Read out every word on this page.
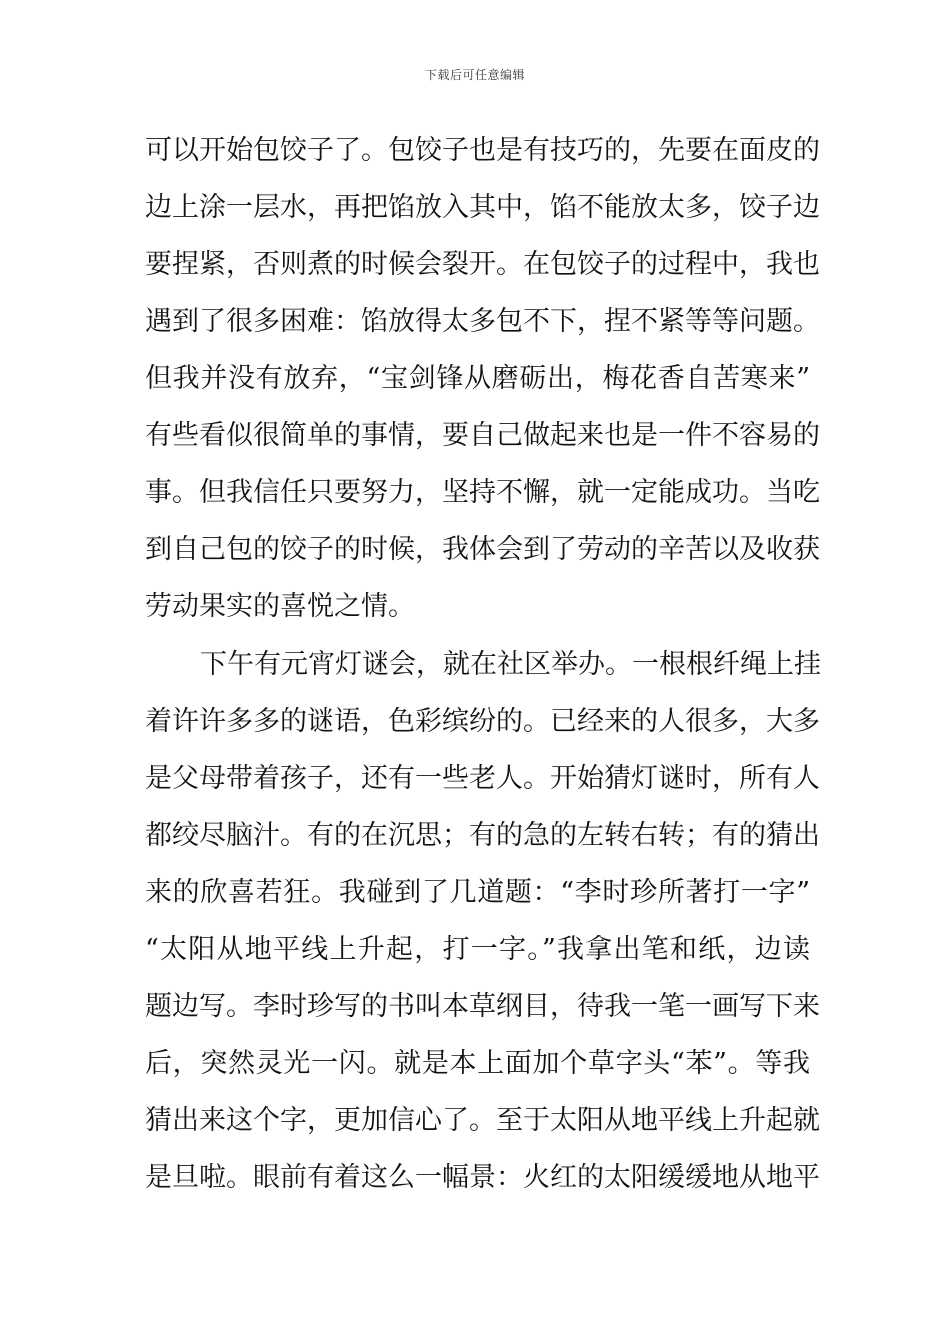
下载后可任意编辑
可以开始包饺子了。包饺子也是有技巧的，先要在面皮的
边上涂一层水，再把馅放入其中，馅不能放太多，饺子边
要捏紧，否则煮的时候会裂开。在包饺子的过程中，我也
遇到了很多困难：馅放得太多包不下，捏不紧等等问题。
但我并没有放弃，“宝剑锋从磨砺出，梅花香自苦寒来”
有些看似很简单的事情，要自己做起来也是一件不容易的
事。但我信任只要努力，坚持不懈，就一定能成功。当吃
到自己包的饺子的时候，我体会到了劳动的辛苦以及收获
劳动果实的喜悦之情。
下午有元宵灯谜会，就在社区举办。一根根纤绳上挂
着许许多多的谜语，色彩缤纷的。已经来的人很多，大多
是父母带着孩子，还有一些老人。开始猜灯谜时，所有人
都绞尽脑汁。有的在沉思；有的急的左转右转；有的猜出
来的欣喜若狂。我碰到了几道题：“李时珍所著打一字”
“太阳从地平线上升起，打一字。”我拿出笔和纸，边读
题边写。李时珍写的书叫本草纲目，待我一笔一画写下来
后，突然灵光一闪。就是本上面加个草字头“苯”。等我
猜出来这个字，更加信心了。至于太阳从地平线上升起就
是旦啦。眼前有着这么一幅景：火红的太阳缓缓地从地平
